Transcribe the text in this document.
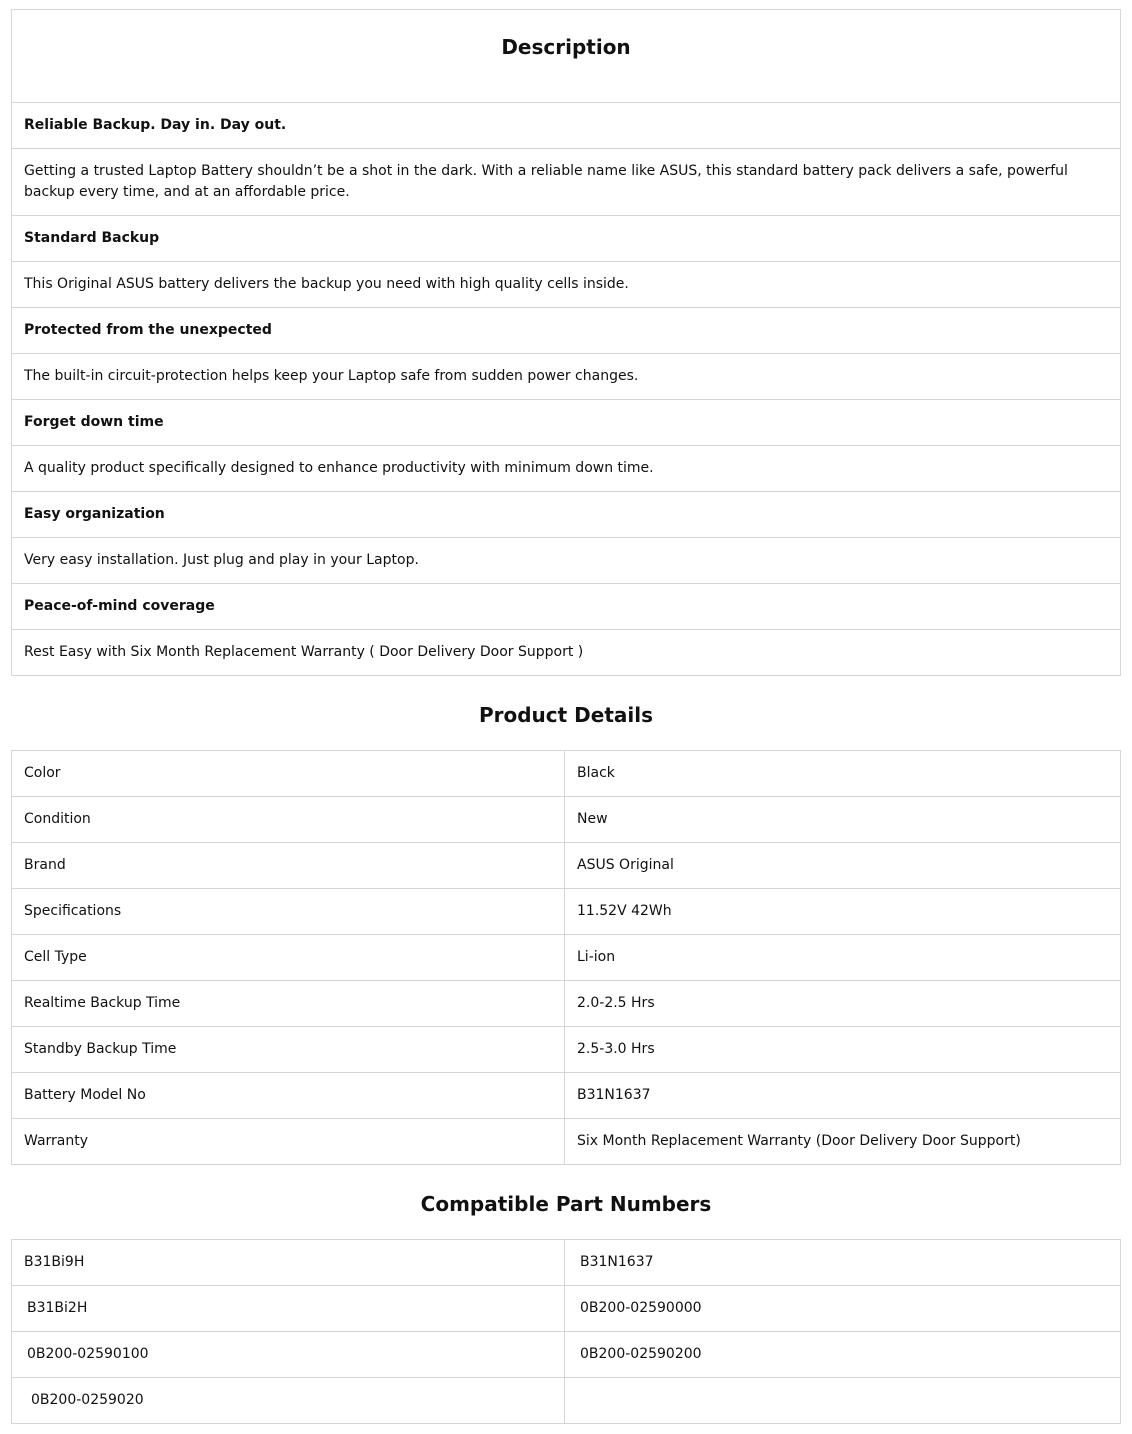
Description
Reliable Backup. Day in. Day out.
Getting a trusted Laptop Battery shouldn’t be a shot in the dark. With a reliable name like ASUS, this standard battery pack delivers a safe, powerful backup every time, and at an affordable price.
Standard Backup
This Original ASUS battery delivers the backup you need with high quality cells inside.
Protected from the unexpected
The built-in circuit-protection helps keep your Laptop safe from sudden power changes.
Forget down time
A quality product specifically designed to enhance productivity with minimum down time.
Easy organization
Very easy installation. Just plug and play in your Laptop.
Peace-of-mind coverage
Rest Easy with Six Month Replacement Warranty ( Door Delivery Door Support )
Product Details
Color	Black
Condition	New
Brand	ASUS Original
Specifications	11.52V 42Wh
Cell Type	Li-ion
Realtime Backup Time	2.0-2.5 Hrs
Standby Backup Time	2.5-3.0 Hrs
Battery Model No	B31N1637
Warranty	Six Month Replacement Warranty (Door Delivery Door Support)
Compatible Part Numbers
B31Bi9H	B31N1637
B31Bi2H	0B200-02590000
0B200-02590100	0B200-02590200
0B200-0259020	
